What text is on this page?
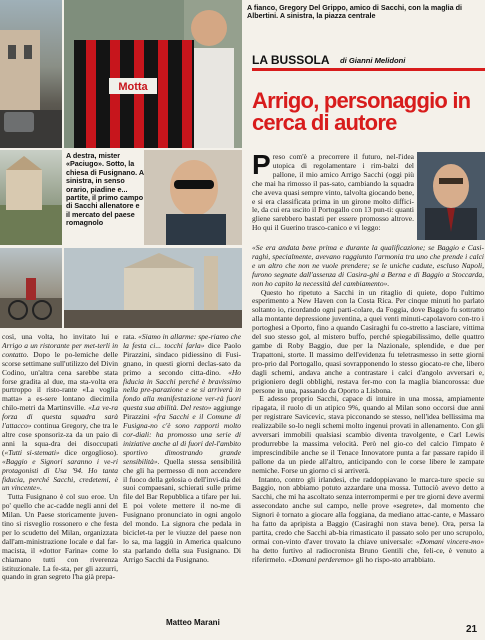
Motta
A fianco, Gregory Del Grippo, amico di Sacchi, con la maglia di Albertini. A sinistra, la piazza centrale
A destra, mister «Paciugo». Sotto, la chiesa di Fusignano. A sinistra, in senso orario, piadine e... partite, il primo campo di Sacchi allenatore e il mercato del paese romagnolo
LA BUSSOLA di Gianni Melidoni
Arrigo, personaggio in cerca di autore
Preso com'è a precorrere il futuro, nel-l'idea utopica di regolamentare i rim-balzi del pallone, il mio amico Arrigo Sacchi (oggi più che mai ha rimosso il pas-sato, cambiando la squadra che aveva quasi sempre vinto, talvolta giocando bene, e si era classificata prima in un girone molto diffici-le, da cui era uscito il Portogallo con 13 pun-ti: quanti gliene sarebbero bastati per essere promosso altrove. Ho qui il Guerino trasco-canico e vi leggo:
«Se era andata bene prima e durante la qualificazione; se Baggio e Casi-raghi, specialmente, avevano raggiunto l'armonia tra uno che prende i calci e un altro che non ne vuole prendere; se le uniche cadute, escluso Napoli, furono segnate dall'assenza di Casira-ghi a Berna e di Baggio a Stoccarda, non ho capito la necessità del cambiamento».
Questo ho ripetuto a Sacchi in un ritaglio di quiete, dopo l'ultimo esperimento a New Haven con la Costa Rica. Per cinque minuti ho parlato soltanto io, ricordando ogni parti-colare, da Foggia, dove Baggio fu sottratto alla montante depressione juventina, a quei venti minuti-capolavoro con-tro i portoghesi a Oporto, fino a quando Casiraghi fu co-stretto a lasciare, vittima del suo stesso gol, al mistero buffo, perché spiegabilissimo, delle quattro gambe di Roby Baggio, due per la Nazionale, splendide, e due per Trapattoni, storte. Il massimo dell'evidenza fu teletrasmesso in sette giorni pro-prio dal Portogallo, quasi sovrapponendo lo stesso giocato-re che, libero dagli schemi, andava anche a contrastare i calci d'angolo avversari e, prigioniero degli obblighi, restava fer-mo con la maglia biancorossa: due persone in una, passando da Oporto a Lisbona.
E adesso proprio Sacchi, capace di intuire in una mossa, ampiamente ripagata, il ruolo di un atipico 9%, quando al Milan sono occorsi due anni per registrare Savicevic, stava picconando se stesso, nell'idea bellissima ma realizzabile so-lo negli schemi molto ingenui provati in allenamento. Con gli avversari immobili qualsiasi scambio diventa travolgente, e Carl Lewis produrrebbe la massima velocità. Però nel gio-co del calcio l'impato è imprescindibile anche se il Tenace Innovatore punta a far passare rapido il pallone da un piede all'altro, anticipando con le corse libere le zampate nemiche. Forse un giorno ci si arriverà.
Intanto, contro gli irlandesi, che raddoppiavano le marca-ture specie su Baggio, non abbiamo potuto azzardare una mossa. Tuttociò avevo detto a Sacchi, che mi ha ascoltato senza interrompermi e per tre giorni deve avermi assecondato anche sul campo, nelle prove «segrete», dal momento che Signori è tornato a giocare alla foggiana, da mediano attac-cante, e Massaro ha fatto da apripista a Baggio (Casiraghi non stava bene). Ora, persa la partita, credo che Sacchi ab-bia rimasticato il passato solo per uno scrupolo, ormai con-vinto d'aver trovato la chiave universale: «Domani vincere-mo» ha detto furtivo al radiocronista Bruno Gentili che, feli-ce, è venuto a riferirmelo. «Domani perderemo» gli ho rispo-sto arrabbiato.
così, una volta, ho invitato lui e Arrigo a un ristorante per met-terli in contatto. Dopo le po-lemiche delle scorse settimane sull'utilizzo del Divin Codino, un'altra cena sarebbe stata forse gradita al due, ma sta-volta era purtroppo il risto-rante «La voglia matta» a es-sere lontano diecimila chilo-metri da Martinsville. «La ve-ra forza di questa squadra sarà l'attacco» continua Gregory, che tra le altre cose sponsoriz-za da un paio di anni la squa-dra dei disoccupati («Tutti si-stemati» dice orgoglioso). «Baggio e Signori saranno i ve-ri protagonisti di Usa '94. Ho tanta fiducia, perché Sacchi, credetemi, è un vincente».
Tutta Fusignano è col suo eroe. Un po' quello che ac-cadde negli anni del Milan. Un Paese storicamente juven-tino si risveglio rossonero e che festa per lo scudetto del Milan, organizzata dall'am-ministrazione locale e dal far-macista, il «dottor Farina» come lo chiamano tutti con riverenza istituzionale. La fe-sta, per gli azzurri, quando in gran segreto l'ha già prepa-
rata. «Siamo in allarme: spe-riamo che la festa ci... tocchi farla» dice Paolo Pirazzini, sindaco pidiessino di Fusi-gnano, in questi giorni declas-sato da primo a secondo citta-dino. «Ho fiducia in Sacchi perché è bravissimo nella pre-parazione e se si arriverà in fondo alla manifestazione ver-rà fuori questa sua abilità. Del resto» aggiunge Pirazzini «fra Sacchi e il Comune di Fusigna-no c'è sono rapporti molto cor-diali: ha promosso una serie di iniziative anche al di fuori del-l'ambito sportivo dimostrando grande sensibilità». Quella stessa sensibilità che gli ha permesso di non accendere il fuoco della gelosia o dell'invi-dia dei suoi compaesani, schierati sulle prime file del Bar Repubblica a tifare per lui. E poi volete mettere il no-me di Fusignano pronunciato in ogni angolo del mondo. La signora che pedala in biciclet-ta per le viuzze del paese non lo sa, ma laggiù in America qualcuno sta parlando della sua Fusignano. Di Arrigo Sacchi da Fusignano.
Matteo Marani
21
